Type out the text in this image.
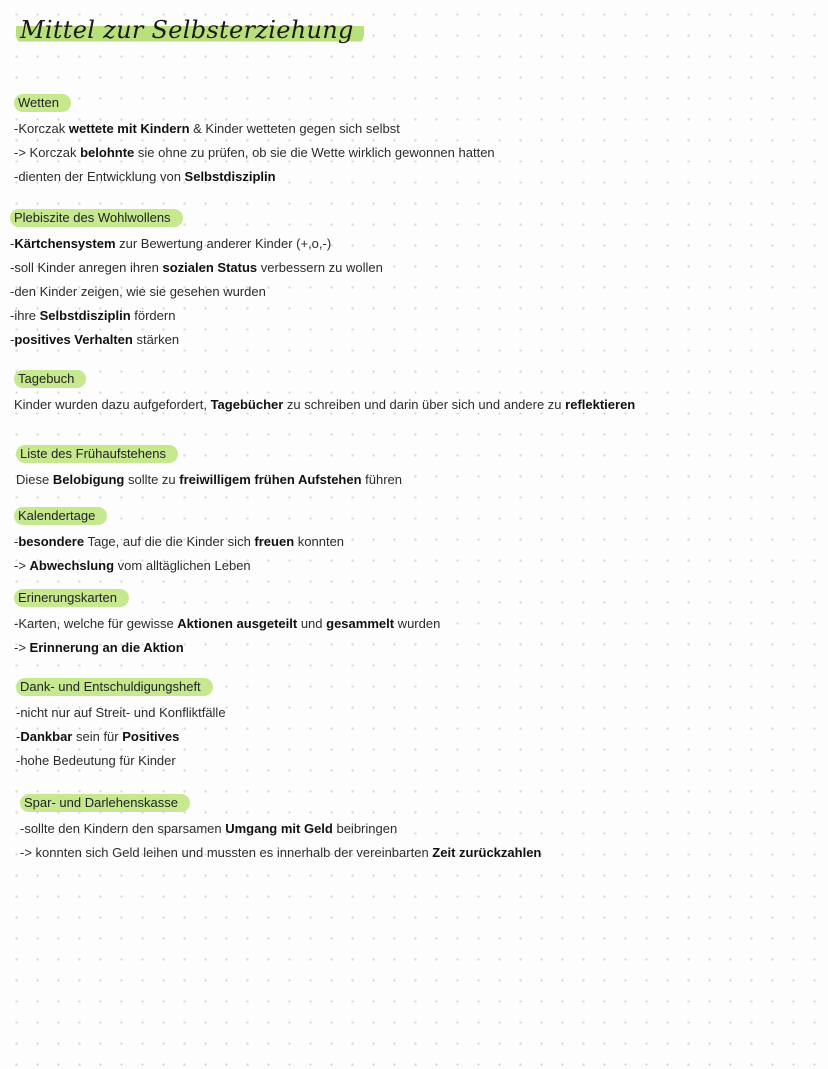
Mittel zur Selbsterziehung
Wetten
-Korczak wettete mit Kindern & Kinder wetteten gegen sich selbst
-> Korczak belohnte sie ohne zu prüfen, ob sie die Wette wirklich gewonnen hatten
-dienten der Entwicklung von Selbstdisziplin
Plebiszite des Wohlwollens
-Kärtchensystem zur Bewertung anderer Kinder (+,o,-)
-soll Kinder anregen ihren sozialen Status verbessern zu wollen
-den Kinder zeigen, wie sie gesehen wurden
-ihre Selbstdisziplin fördern
-positives Verhalten stärken
Tagebuch
Kinder wurden dazu aufgefordert, Tagebücher zu schreiben und darin über sich und andere zu reflektieren
Liste des Frühaufstehens
Diese Belobigung sollte zu freiwilligem frühen Aufstehen führen
Kalendertage
-besondere Tage, auf die die Kinder sich freuen konnten
-> Abwechslung vom alltäglichen Leben
Erinerungskarten
-Karten, welche für gewisse Aktionen ausgeteilt und gesammelt wurden
-> Erinnerung an die Aktion
Dank- und Entschuldigungsheft
-nicht nur auf Streit- und Konfliktfälle
-Dankbar sein für Positives
-hohe Bedeutung für Kinder
Spar- und Darlehenskasse
-sollte den Kindern den sparsamen Umgang mit Geld beibringen
-> konnten sich Geld leihen und mussten es innerhalb der vereinbarten Zeit zurückzahlen
